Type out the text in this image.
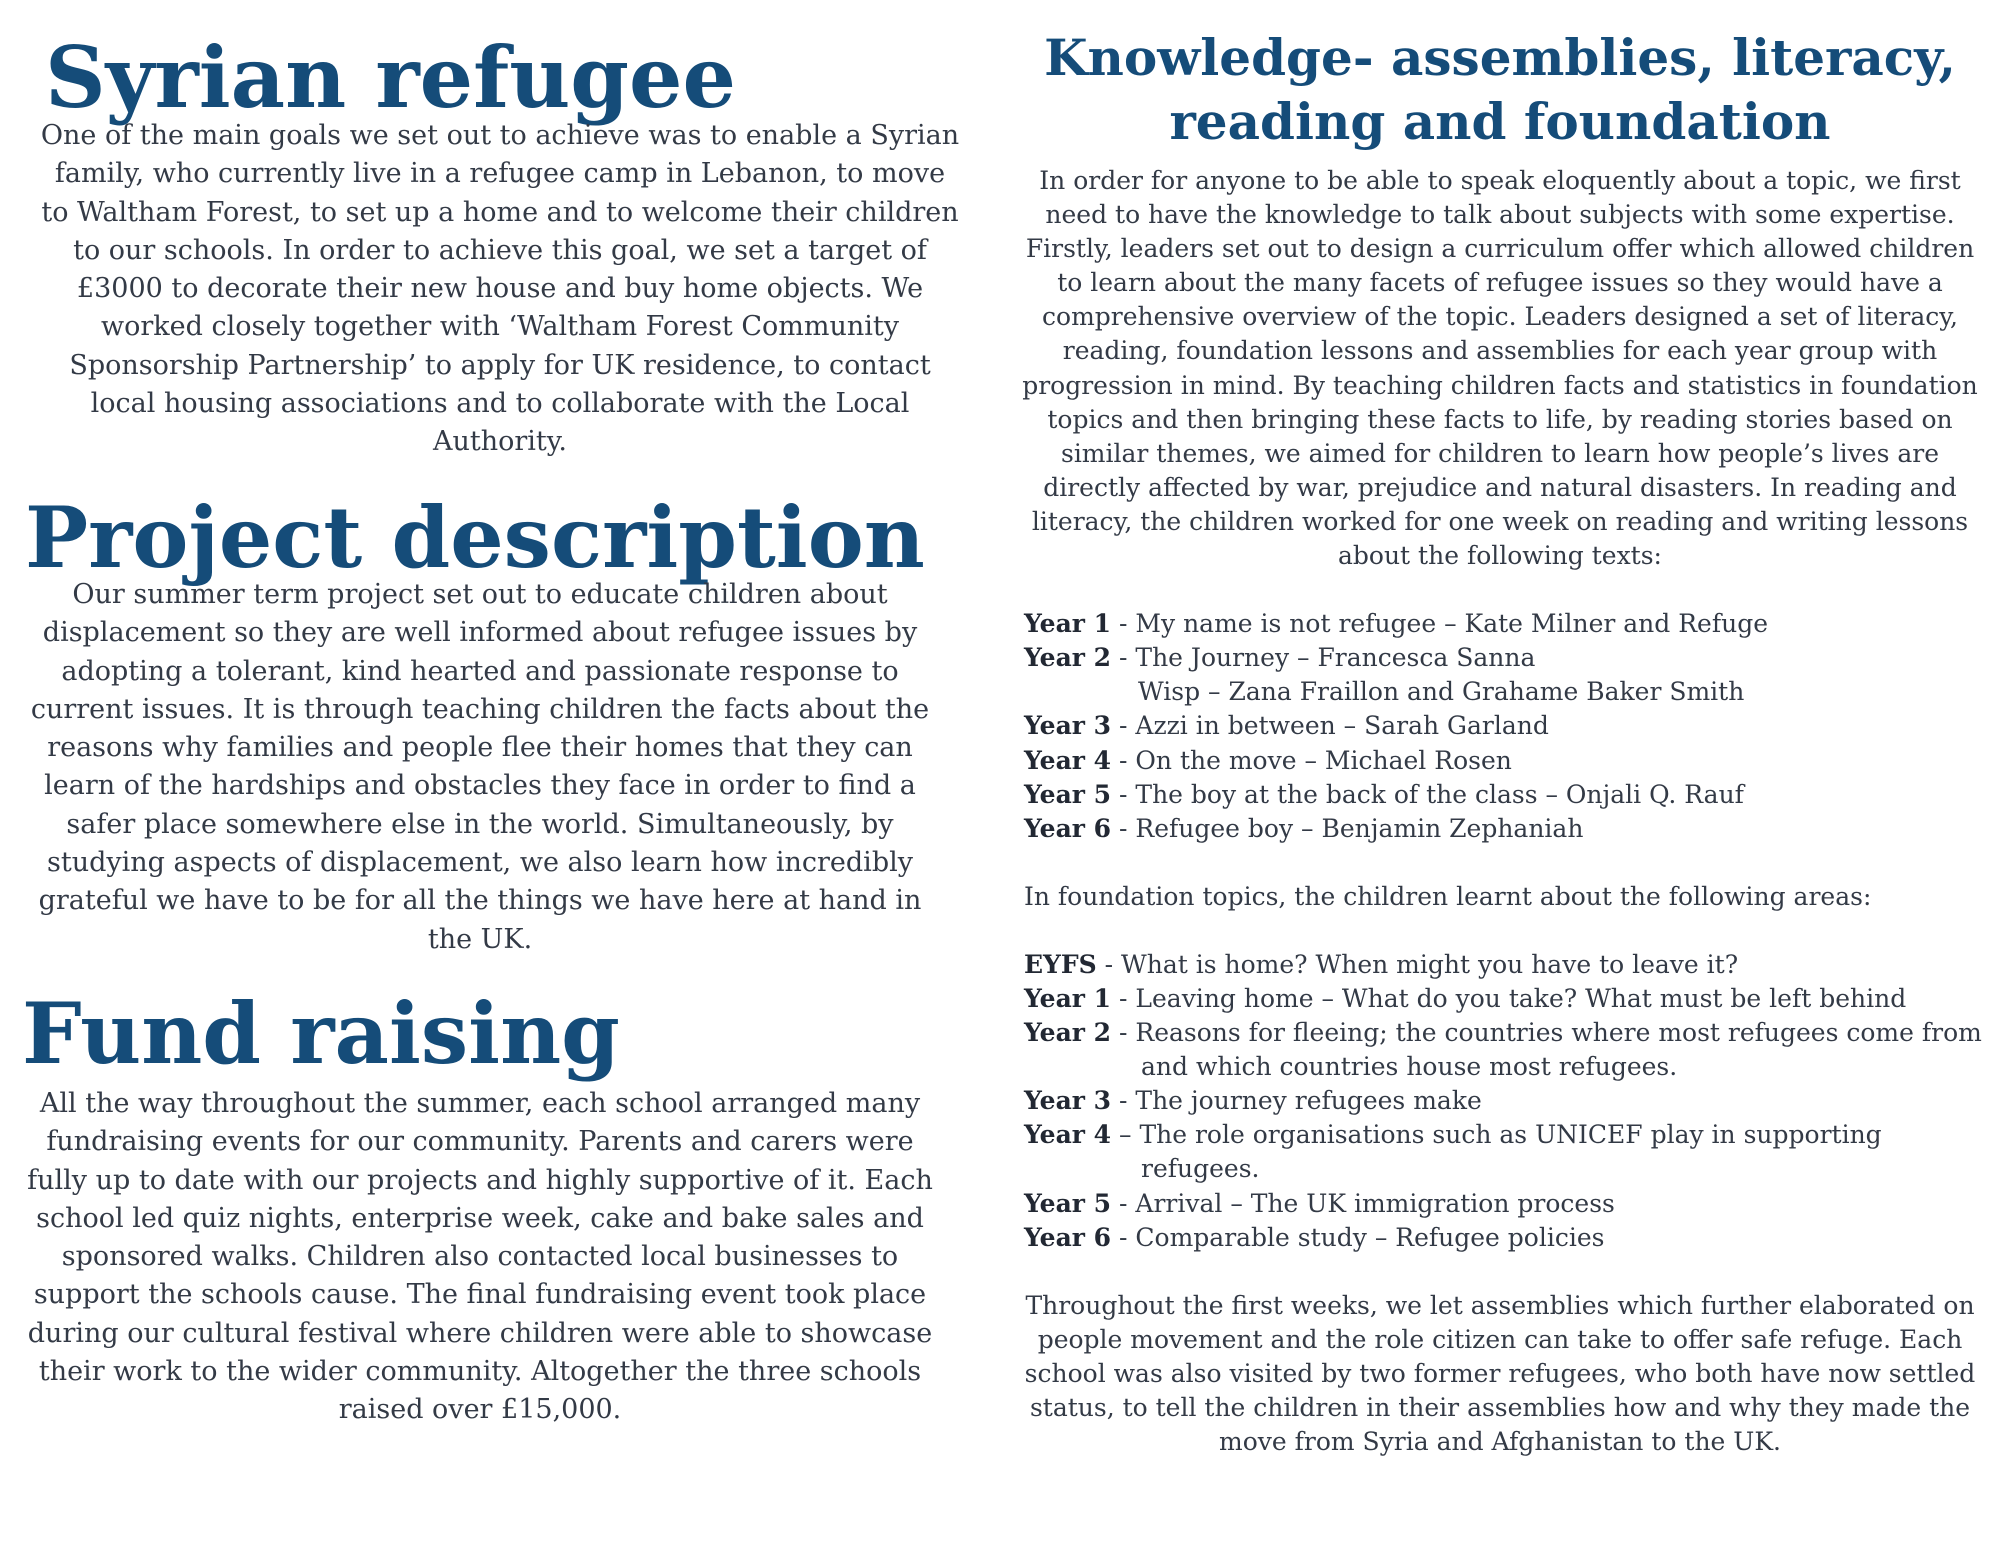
Syrian refugee

One of the main goals we set out to achieve was to enable a Syrian family, who currently live in a refugee camp in Lebanon, to move to Waltham Forest, to set up a home and to welcome their children to our schools. In order to achieve this goal, we set a target of £3000 to decorate their new house and buy home objects. We worked closely together with ‘Waltham Forest Community Sponsorship Partnership’ to apply for UK residence, to contact local housing associations and to collaborate with the Local Authority.

Project description

Our summer term project set out to educate children about displacement so they are well informed about refugee issues by adopting a tolerant, kind hearted and passionate response to current issues. It is through teaching children the facts about the reasons why families and people flee their homes that they can learn of the hardships and obstacles they face in order to find a safer place somewhere else in the world. Simultaneously, by studying aspects of displacement, we also learn how incredibly grateful we have to be for all the things we have here at hand in the UK.

Fund raising

All the way throughout the summer, each school arranged many fundraising events for our community. Parents and carers were fully up to date with our projects and highly supportive of it. Each school led quiz nights, enterprise week, cake and bake sales and sponsored walks. Children also contacted local businesses to support the schools cause. The final fundraising event took place during our cultural festival where children were able to showcase their work to the wider community. Altogether the three schools raised over £15,000.

Knowledge- assemblies, literacy, reading and foundation

In order for anyone to be able to speak eloquently about a topic, we first need to have the knowledge to talk about subjects with some expertise. Firstly, leaders set out to design a curriculum offer which allowed children to learn about the many facets of refugee issues so they would have a comprehensive overview of the topic. Leaders designed a set of literacy, reading, foundation lessons and assemblies for each year group with progression in mind. By teaching children facts and statistics in foundation topics and then bringing these facts to life, by reading stories based on similar themes, we aimed for children to learn how people’s lives are directly affected by war, prejudice and natural disasters. In reading and literacy, the children worked for one week on reading and writing lessons about the following texts:

Year 1 - My name is not refugee – Kate Milner and Refuge
Year 2 - The Journey – Francesca Sanna
Wisp – Zana Fraillon and Grahame Baker Smith
Year 3 - Azzi in between – Sarah Garland
Year 4 - On the move – Michael Rosen
Year 5 - The boy at the back of the class – Onjali Q. Rauf
Year 6 - Refugee boy – Benjamin Zephaniah

In foundation topics, the children learnt about the following areas:

EYFS - What is home? When might you have to leave it?
Year 1 - Leaving home – What do you take? What must be left behind
Year 2 - Reasons for fleeing; the countries where most refugees come from
and which countries house most refugees.
Year 3 - The journey refugees make
Year 4 – The role organisations such as UNICEF play in supporting
refugees.
Year 5 - Arrival – The UK immigration process
Year 6 - Comparable study – Refugee policies

Throughout the first weeks, we let assemblies which further elaborated on people movement and the role citizen can take to offer safe refuge. Each school was also visited by two former refugees, who both have now settled status, to tell the children in their assemblies how and why they made the move from Syria and Afghanistan to the UK.
